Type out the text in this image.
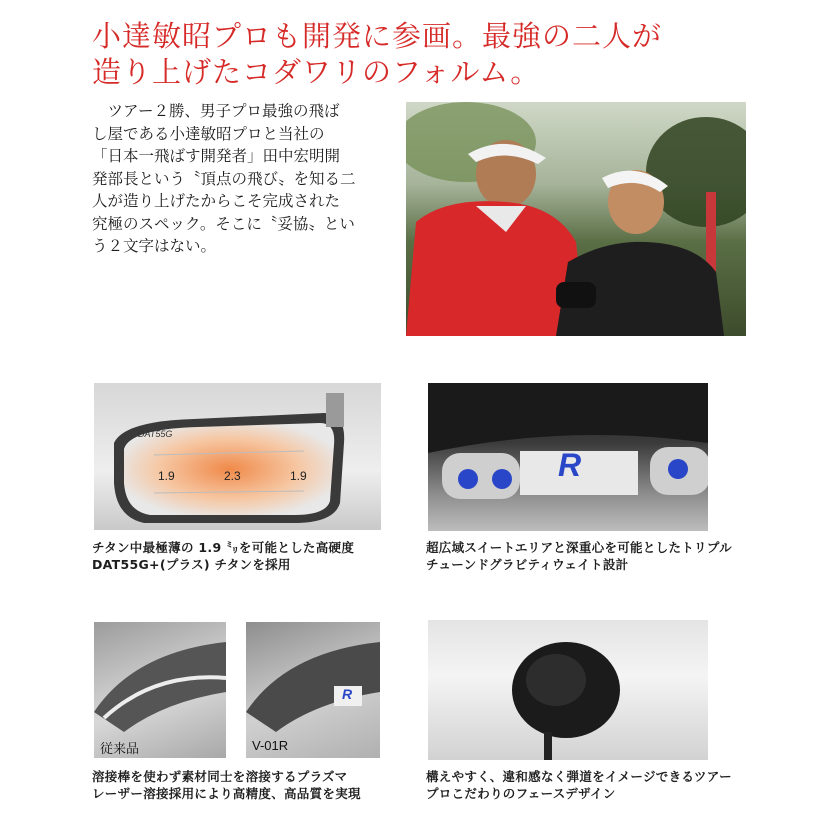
小達敏昭プロも開発に参画。最強の二人が
造り上げたコダワリのフォルム。
　ツアー２勝、男子プロ最強の飛ば
し屋である小達敏昭プロと当社の
「日本一飛ばす開発者」田中宏明開
発部長という〝頂点の飛び〟を知る二
人が造り上げたからこそ完成された
究極のスペック。そこに〝妥協〟とい
う２文字はない。
DAT55G
1.9	2.3	1.9
チタン中最極薄の 1.9 ㍉を可能とした高硬度
DAT55G+(プラス) チタンを採用
R
超広域スイートエリアと深重心を可能としたトリプル
チューンドグラビティウェイト設計
従来品
R
V-01R
溶接棒を使わず素材同士を溶接するプラズマ
レーザー溶接採用により高精度、高品質を実現
構えやすく、違和感なく弾道をイメージできるツアー
プロこだわりのフェースデザイン
